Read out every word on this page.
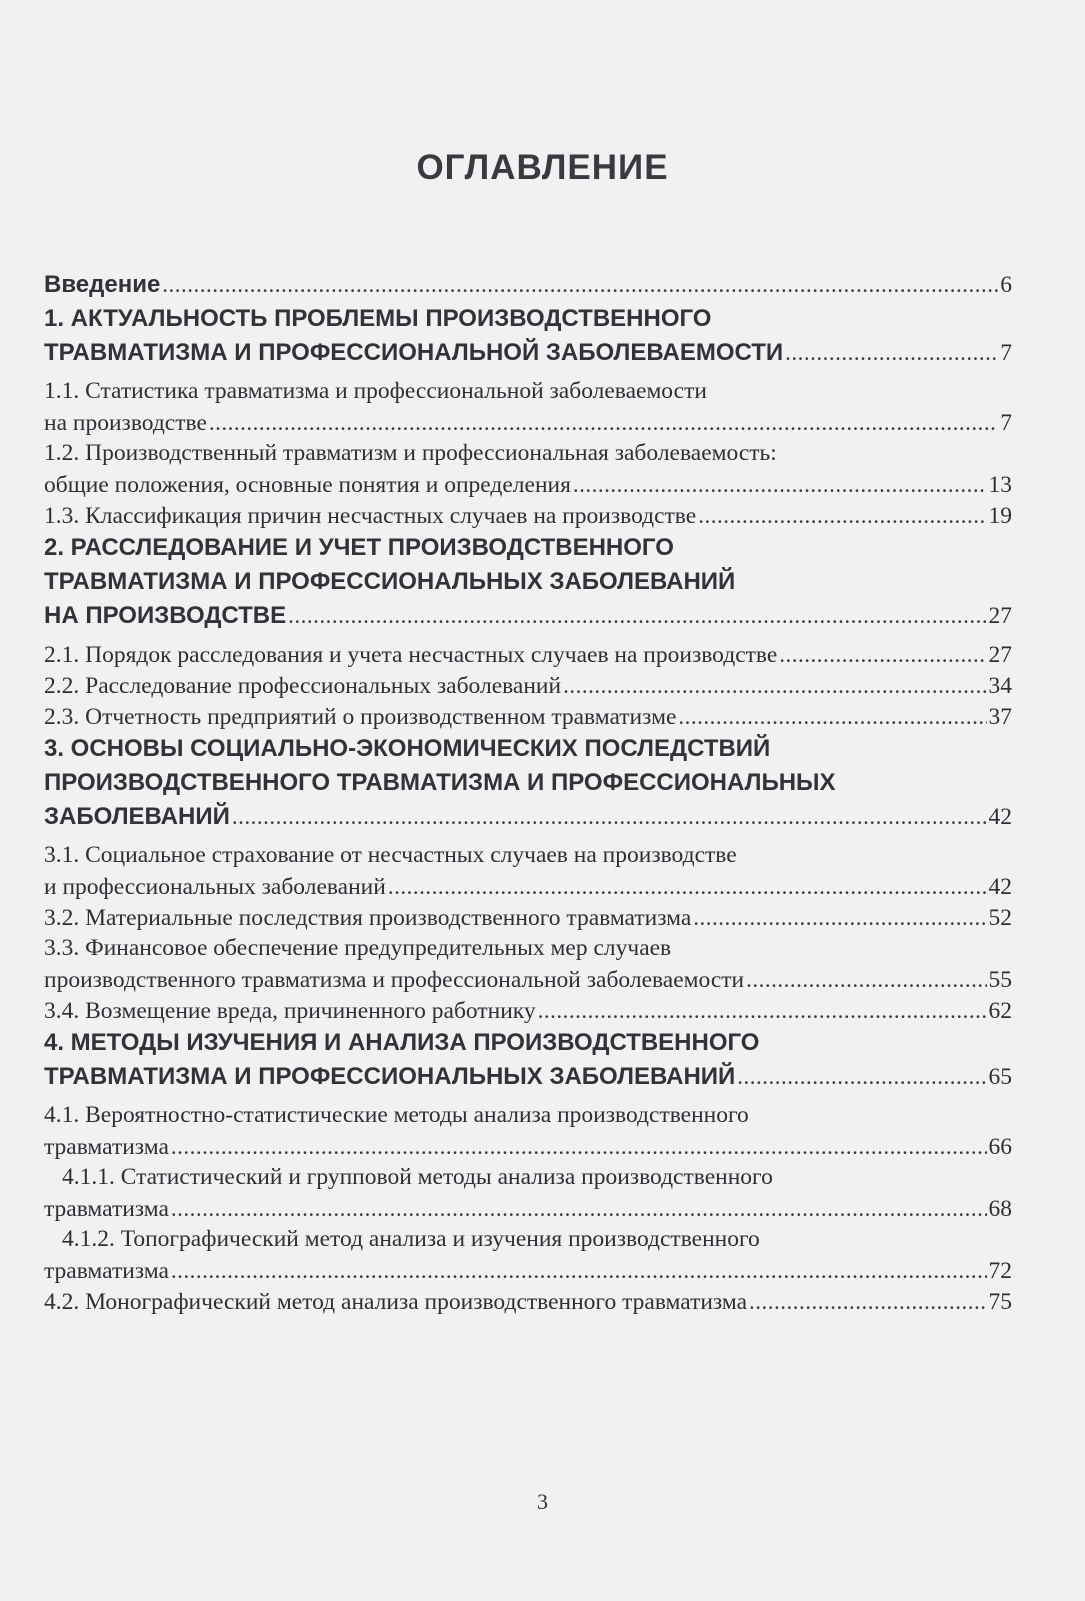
ОГЛАВЛЕНИЕ
Введение .....	6
1. АКТУАЛЬНОСТЬ ПРОБЛЕМЫ ПРОИЗВОДСТВЕННОГО
ТРАВМАТИЗМА И ПРОФЕССИОНАЛЬНОЙ ЗАБОЛЕВАЕМОСТИ .....	7
1.1. Статистика травматизма и профессиональной заболеваемости
на производстве .....	7
1.2. Производственный травматизм и профессиональная заболеваемость:
общие положения, основные понятия и определения .....	13
1.3. Классификация причин несчастных случаев на производстве .....	19
2. РАССЛЕДОВАНИЕ И УЧЕТ ПРОИЗВОДСТВЕННОГО
ТРАВМАТИЗМА И ПРОФЕССИОНАЛЬНЫХ ЗАБОЛЕВАНИЙ
НА ПРОИЗВОДСТВЕ .....	27
2.1. Порядок расследования и учета несчастных случаев на производстве .....	27
2.2. Расследование профессиональных заболеваний .....	34
2.3. Отчетность предприятий о производственном травматизме .....	37
3. ОСНОВЫ СОЦИАЛЬНО-ЭКОНОМИЧЕСКИХ ПОСЛЕДСТВИЙ
ПРОИЗВОДСТВЕННОГО ТРАВМАТИЗМА И ПРОФЕССИОНАЛЬНЫХ
ЗАБОЛЕВАНИЙ .....	42
3.1. Социальное страхование от несчастных случаев на производстве
и профессиональных заболеваний .....	42
3.2. Материальные последствия производственного травматизма .....	52
3.3. Финансовое обеспечение предупредительных мер случаев
производственного травматизма и профессиональной заболеваемости .....	55
3.4. Возмещение вреда, причиненного работнику .....	62
4. МЕТОДЫ ИЗУЧЕНИЯ И АНАЛИЗА ПРОИЗВОДСТВЕННОГО
ТРАВМАТИЗМА И ПРОФЕССИОНАЛЬНЫХ ЗАБОЛЕВАНИЙ .....	65
4.1. Вероятностно-статистические методы анализа производственного
травматизма .....	66
4.1.1. Статистический и групповой методы анализа производственного
травматизма .....	68
4.1.2. Топографический метод анализа и изучения производственного
травматизма .....	72
4.2. Монографический метод анализа производственного травматизма .....	75
3
